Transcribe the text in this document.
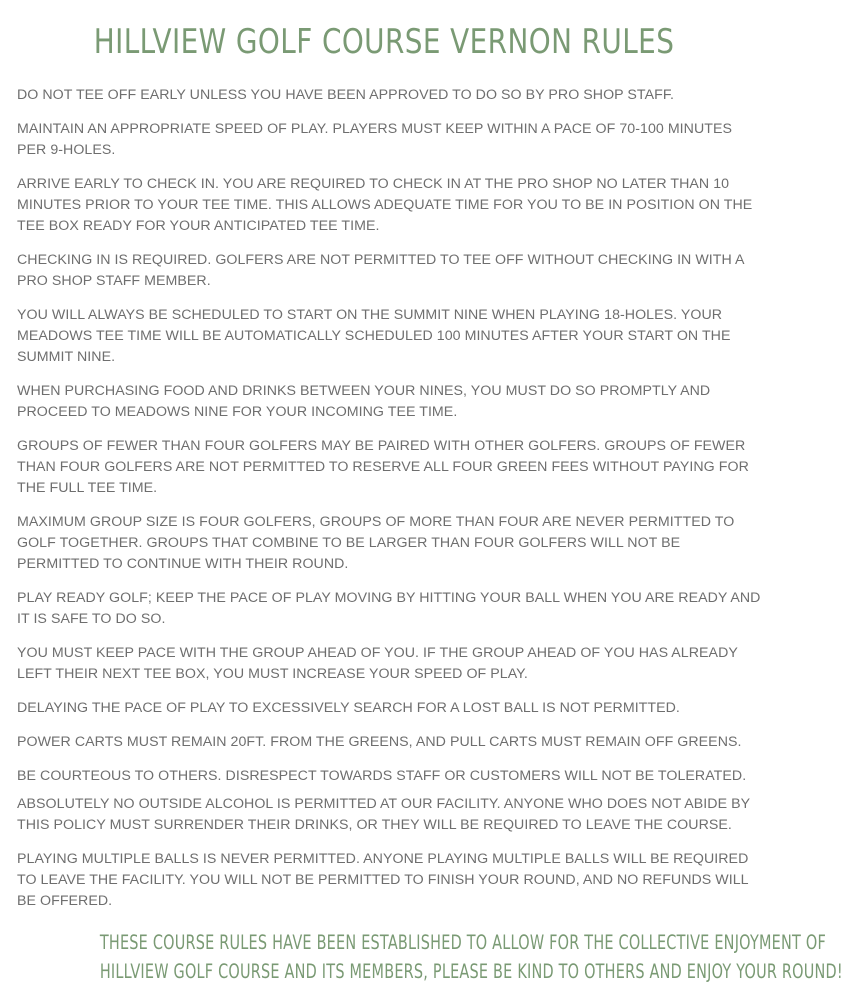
HILLVIEW GOLF COURSE VERNON RULES
DO NOT TEE OFF EARLY UNLESS YOU HAVE BEEN APPROVED TO DO SO BY PRO SHOP STAFF.
MAINTAIN AN APPROPRIATE SPEED OF PLAY. PLAYERS MUST KEEP WITHIN A PACE OF 70-100 MINUTES PER 9-HOLES.
ARRIVE EARLY TO CHECK IN. YOU ARE REQUIRED TO CHECK IN AT THE PRO SHOP NO LATER THAN 10 MINUTES PRIOR TO YOUR TEE TIME. THIS ALLOWS ADEQUATE TIME FOR YOU TO BE IN POSITION ON THE TEE BOX READY FOR YOUR ANTICIPATED TEE TIME.
CHECKING IN IS REQUIRED. GOLFERS ARE NOT PERMITTED TO TEE OFF WITHOUT CHECKING IN WITH A PRO SHOP STAFF MEMBER.
YOU WILL ALWAYS BE SCHEDULED TO START ON THE SUMMIT NINE WHEN PLAYING 18-HOLES. YOUR MEADOWS TEE TIME WILL BE AUTOMATICALLY SCHEDULED 100 MINUTES AFTER YOUR START ON THE SUMMIT NINE.
WHEN PURCHASING FOOD AND DRINKS BETWEEN YOUR NINES, YOU MUST DO SO PROMPTLY AND PROCEED TO MEADOWS NINE FOR YOUR INCOMING TEE TIME.
GROUPS OF FEWER THAN FOUR GOLFERS MAY BE PAIRED WITH OTHER GOLFERS. GROUPS OF FEWER THAN FOUR GOLFERS ARE NOT PERMITTED TO RESERVE ALL FOUR GREEN FEES WITHOUT PAYING FOR THE FULL TEE TIME.
MAXIMUM GROUP SIZE IS FOUR GOLFERS, GROUPS OF MORE THAN FOUR ARE NEVER PERMITTED TO GOLF TOGETHER. GROUPS THAT COMBINE TO BE LARGER THAN FOUR GOLFERS WILL NOT BE PERMITTED TO CONTINUE WITH THEIR ROUND.
PLAY READY GOLF; KEEP THE PACE OF PLAY MOVING BY HITTING YOUR BALL WHEN YOU ARE READY AND IT IS SAFE TO DO SO.
YOU MUST KEEP PACE WITH THE GROUP AHEAD OF YOU. IF THE GROUP AHEAD OF YOU HAS ALREADY LEFT THEIR NEXT TEE BOX, YOU MUST INCREASE YOUR SPEED OF PLAY.
DELAYING THE PACE OF PLAY TO EXCESSIVELY SEARCH FOR A LOST BALL IS NOT PERMITTED.
POWER CARTS MUST REMAIN 20FT. FROM THE GREENS, AND PULL CARTS MUST REMAIN OFF GREENS.
BE COURTEOUS TO OTHERS. DISRESPECT TOWARDS STAFF OR CUSTOMERS WILL NOT BE TOLERATED.
ABSOLUTELY NO OUTSIDE ALCOHOL IS PERMITTED AT OUR FACILITY. ANYONE WHO DOES NOT ABIDE BY THIS POLICY MUST SURRENDER THEIR DRINKS, OR THEY WILL BE REQUIRED TO LEAVE THE COURSE.
PLAYING MULTIPLE BALLS IS NEVER PERMITTED. ANYONE PLAYING MULTIPLE BALLS WILL BE REQUIRED TO LEAVE THE FACILITY. YOU WILL NOT BE PERMITTED TO FINISH YOUR ROUND, AND NO REFUNDS WILL BE OFFERED.
THESE COURSE RULES HAVE BEEN ESTABLISHED TO ALLOW FOR THE COLLECTIVE ENJOYMENT OF
HILLVIEW GOLF COURSE AND ITS MEMBERS, PLEASE BE KIND TO OTHERS AND ENJOY YOUR ROUND!
